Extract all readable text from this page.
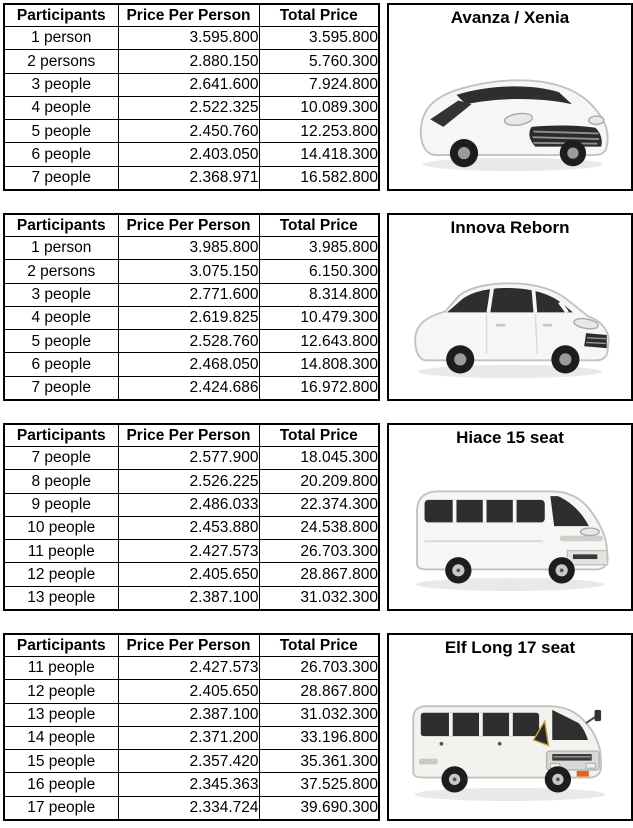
Participants	Price Per Person	Total Price
1 person	3.595.800	3.595.800
2 persons	2.880.150	5.760.300
3 people	2.641.600	7.924.800
4 people	2.522.325	10.089.300
5 people	2.450.760	12.253.800
6 people	2.403.050	14.418.300
7 people	2.368.971	16.582.800
Avanza / Xenia
Participants	Price Per Person	Total Price
1 person	3.985.800	3.985.800
2 persons	3.075.150	6.150.300
3 people	2.771.600	8.314.800
4 people	2.619.825	10.479.300
5 people	2.528.760	12.643.800
6 people	2.468.050	14.808.300
7 people	2.424.686	16.972.800
Innova Reborn
Participants	Price Per Person	Total Price
7 people	2.577.900	18.045.300
8 people	2.526.225	20.209.800
9 people	2.486.033	22.374.300
10 people	2.453.880	24.538.800
11 people	2.427.573	26.703.300
12 people	2.405.650	28.867.800
13 people	2.387.100	31.032.300
Hiace 15 seat
Participants	Price Per Person	Total Price
11 people	2.427.573	26.703.300
12 people	2.405.650	28.867.800
13 people	2.387.100	31.032.300
14 people	2.371.200	33.196.800
15 people	2.357.420	35.361.300
16 people	2.345.363	37.525.800
17 people	2.334.724	39.690.300
Elf Long 17 seat
